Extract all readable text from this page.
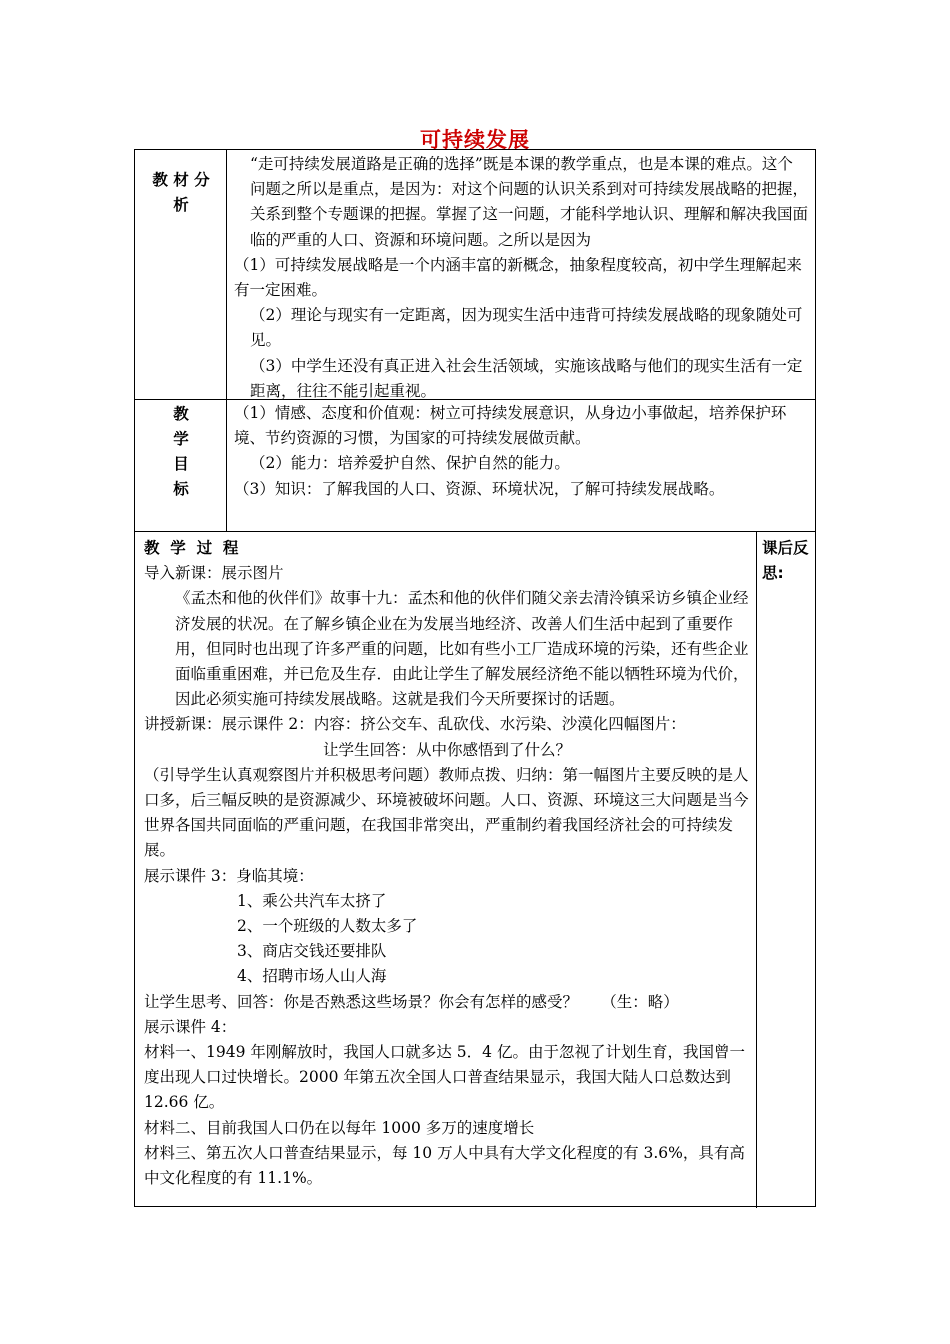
可持续发展
教 材 分 析

“走可持续发展道路是正确的选择”既是本课的教学重点，也是本课的难点。这个问题之所以是重点，是因为：对这个问题的认识关系到对可持续发展战略的把握，关系到整个专题课的把握。掌握了这一问题，才能科学地认识、理解和解决我国面临的严重的人口、资源和环境问题。之所以是因为

（1）可持续发展战略是一个内涵丰富的新概念，抽象程度较高，初中学生理解起来有一定困难。

（2）理论与现实有一定距离，因为现实生活中违背可持续发展战略的现象随处可见。

（3）中学生还没有真正进入社会生活领域，实施该战略与他们的现实生活有一定距离，往往不能引起重视。

教
学
目
标

（1）情感、态度和价值观：树立可持续发展意识，从身边小事做起，培养保护环境、节约资源的习惯，为国家的可持续发展做贡献。

（2）能力：培养爱护自然、保护自然的能力。

（3）知识：了解我国的人口、资源、环境状况，了解可持续发展战略。

教  学  过  程

导入新课：展示图片

《孟杰和他的伙伴们》故事十九：孟杰和他的伙伴们随父亲去清泠镇采访乡镇企业经济发展的状况。在了解乡镇企业在为发展当地经济、改善人们生活中起到了重要作用，但同时也出现了许多严重的问题，比如有些小工厂造成环境的污染，还有些企业面临重重困难，并已危及生存．由此让学生了解发展经济绝不能以牺牲环境为代价，因此必须实施可持续发展战略。这就是我们今天所要探讨的话题。

讲授新课：展示课件 2：内容：挤公交车、乱砍伐、水污染、沙漠化四幅图片：

让学生回答：从中你感悟到了什么？

（引导学生认真观察图片并积极思考问题）教师点拨、归纳：第一幅图片主要反映的是人口多，后三幅反映的是资源减少、环境被破坏问题。人口、资源、环境这三大问题是当今世界各国共同面临的严重问题，在我国非常突出，严重制约着我国经济社会的可持续发展。

展示课件 3：身临其境：

1、乘公共汽车太挤了

2、一个班级的人数太多了

3、商店交钱还要排队

4、招聘市场人山人海

让学生思考、回答：你是否熟悉这些场景？你会有怎样的感受？　　（生：略）

展示课件 4：

材料一、1949 年刚解放时，我国人口就多达 5．4 亿。由于忽视了计划生育，我国曾一度出现人口过快增长。2000 年第五次全国人口普查结果显示，我国大陆人口总数达到 12.66 亿。

材料二、目前我国人口仍在以每年 1000 多万的速度增长

材料三、第五次人口普查结果显示，每 10 万人中具有大学文化程度的有 3.6%，具有高中文化程度的有 11.1%。

课后反思:
